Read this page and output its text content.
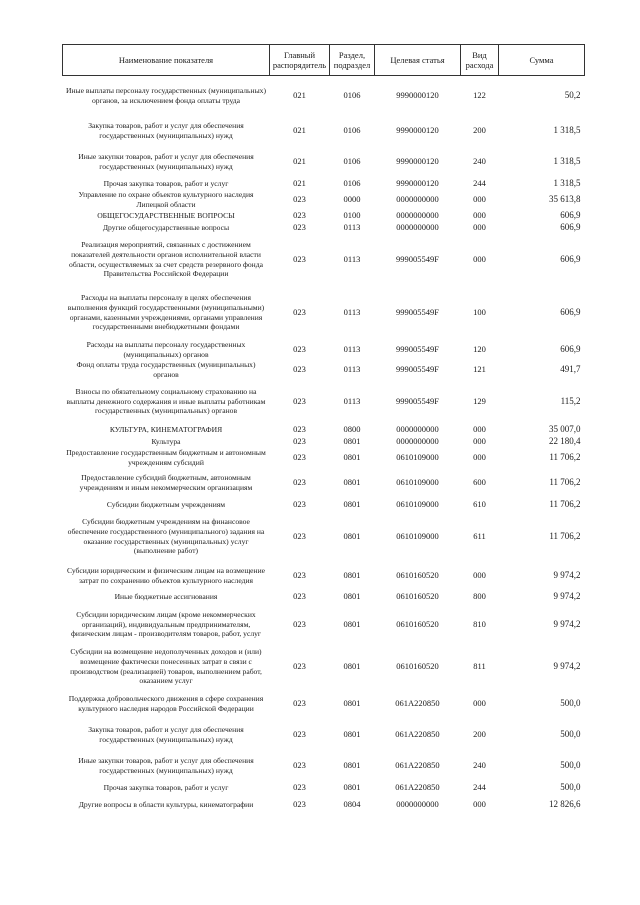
Наименование показателя	Главный распорядитель	Раздел, подраздел	Целевая статья	Вид расхода	Сумма
Иные выплаты персоналу государственных (муниципальных) органов, за исключением фонда оплаты труда	021	0106	9990000120	122	50,2
Закупка товаров, работ и услуг для обеспечения государственных (муниципальных) нужд	021	0106	9990000120	200	1 318,5
Иные закупки товаров, работ и услуг для обеспечения государственных (муниципальных) нужд	021	0106	9990000120	240	1 318,5
Прочая закупка товаров, работ и услуг	021	0106	9990000120	244	1 318,5
Управление по охране объектов культурного наследия Липецкой области	023	0000	0000000000	000	35 613,8
ОБЩЕГОСУДАРСТВЕННЫЕ ВОПРОСЫ	023	0100	0000000000	000	606,9
Другие общегосударственные вопросы	023	0113	0000000000	000	606,9
Реализация мероприятий, связанных с достижением показателей деятельности органов исполнительной власти области, осуществляемых за счет средств резервного фонда Правительства Российской Федерации	023	0113	999005549F	000	606,9
Расходы на выплаты персоналу в целях обеспечения выполнения функций государственными (муниципальными) органами, казенными учреждениями, органами управления государственными внебюджетными фондами	023	0113	999005549F	100	606,9
Расходы на выплаты персоналу государственных (муниципальных) органов	023	0113	999005549F	120	606,9
Фонд оплаты труда государственных (муниципальных) органов	023	0113	999005549F	121	491,7
Взносы по обязательному социальному страхованию на выплаты денежного содержания и иные выплаты работникам государственных (муниципальных) органов	023	0113	999005549F	129	115,2
КУЛЬТУРА, КИНЕМАТОГРАФИЯ	023	0800	0000000000	000	35 007,0
Культура	023	0801	0000000000	000	22 180,4
Предоставление государственным бюджетным и автономным учреждениям субсидий	023	0801	0610109000	000	11 706,2
Предоставление субсидий бюджетным, автономным учреждениям и иным некоммерческим организациям	023	0801	0610109000	600	11 706,2
Субсидии бюджетным учреждениям	023	0801	0610109000	610	11 706,2
Субсидии бюджетным учреждениям на финансовое обеспечение государственного (муниципального) задания на оказание государственных (муниципальных) услуг (выполнение работ)	023	0801	0610109000	611	11 706,2
Субсидии юридическим и физическим лицам на возмещение затрат по сохранению объектов культурного наследия	023	0801	0610160520	000	9 974,2
Иные бюджетные ассигнования	023	0801	0610160520	800	9 974,2
Субсидии юридическим лицам (кроме некоммерческих организаций), индивидуальным предпринимателям, физическим лицам - производителям товаров, работ, услуг	023	0801	0610160520	810	9 974,2
Субсидии на возмещение недополученных доходов и (или) возмещение фактически понесенных затрат в связи с производством (реализацией) товаров, выполнением работ, оказанием услуг	023	0801	0610160520	811	9 974,2
Поддержка добровольческого движения в сфере сохранения культурного наследия народов Российской Федерации	023	0801	061A220850	000	500,0
Закупка товаров, работ и услуг для обеспечения государственных (муниципальных) нужд	023	0801	061A220850	200	500,0
Иные закупки товаров, работ и услуг для обеспечения государственных (муниципальных) нужд	023	0801	061A220850	240	500,0
Прочая закупка товаров, работ и услуг	023	0801	061A220850	244	500,0
Другие вопросы в области культуры, кинематографии	023	0804	0000000000	000	12 826,6
